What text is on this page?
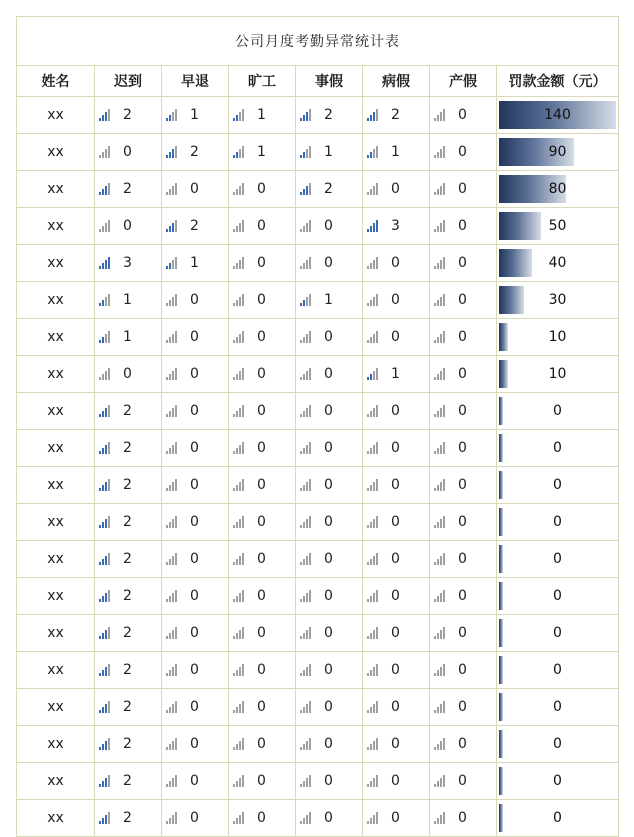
公司月度考勤异常统计表							
姓名	迟到	早退	旷工	事假	病假	产假	罚款金额（元）
xx	2	1	1	2	2	0	140

xx	0	2	1	1	1	0	90

xx	2	0	0	2	0	0	80

xx	0	2	0	0	3	0	50

xx	3	1	0	0	0	0	40

xx	1	0	0	1	0	0	30

xx	1	0	0	0	0	0	10

xx	0	0	0	0	1	0	10

xx	2	0	0	0	0	0	0

xx	2	0	0	0	0	0	0

xx	2	0	0	0	0	0	0

xx	2	0	0	0	0	0	0

xx	2	0	0	0	0	0	0

xx	2	0	0	0	0	0	0

xx	2	0	0	0	0	0	0

xx	2	0	0	0	0	0	0

xx	2	0	0	0	0	0	0

xx	2	0	0	0	0	0	0

xx	2	0	0	0	0	0	0

xx	2	0	0	0	0	0	0
